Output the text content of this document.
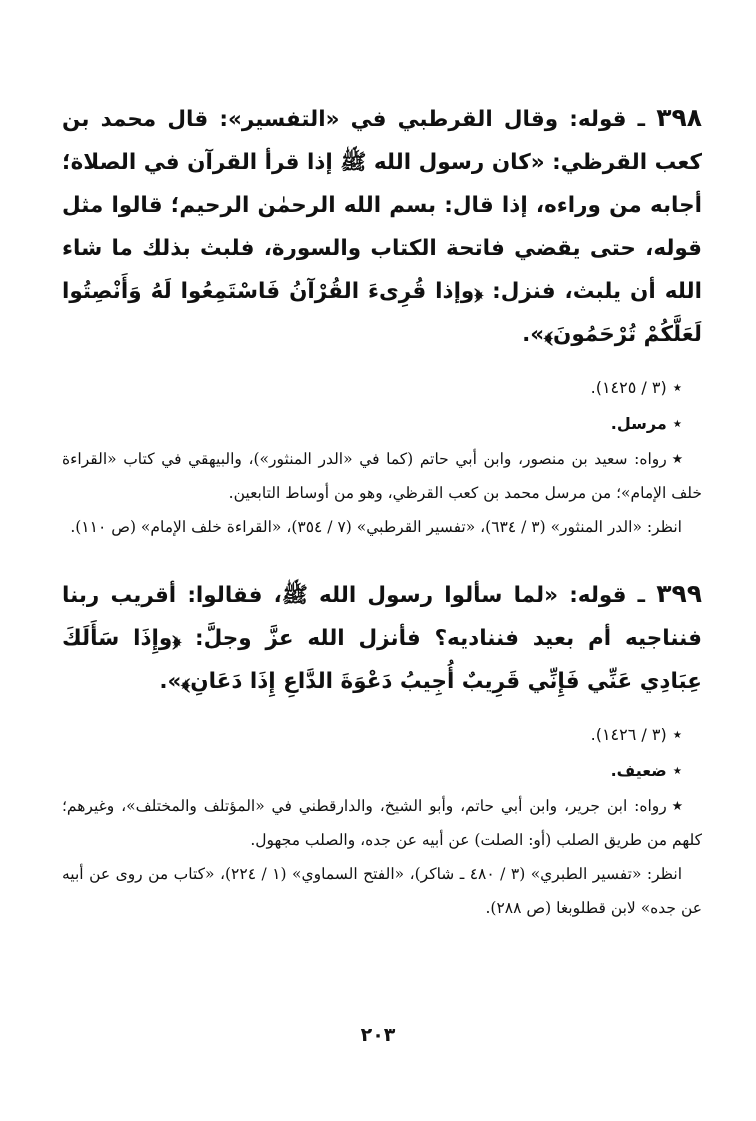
٣٩٨ ـ قوله: وقال القرطبي في «التفسير»: قال محمد بن كعب القرظي: «كان رسول الله ﷺ إذا قرأ القرآن في الصلاة؛ أجابه من وراءه، إذا قال: بسم الله الرحمٰن الرحيم؛ قالوا مثل قوله، حتى يقضي فاتحة الكتاب والسورة، فلبث بذلك ما شاء الله أن يلبث، فنزل: ﴿وإذا قُرِىءَ القُرْآنُ فَاسْتَمِعُوا لَهُ وَأَنْصِتُوا لَعَلَّكُمْ تُرْحَمُونَ﴾».

٭(٣ / ١٤٢٥).

٭مرسل.

٭رواه: سعيد بن منصور، وابن أبي حاتم (كما في «الدر المنثور»)، والبيهقي في كتاب «القراءة خلف الإمام»؛ من مرسل محمد بن كعب القرظي، وهو من أوساط التابعين.

انظر: «الدر المنثور» (٣ / ٦٣٤)، «تفسير القرطبي» (٧ / ٣٥٤)، «القراءة خلف الإمام» (ص ١١٠).

٣٩٩ ـ قوله: «لما سألوا رسول الله ﷺ، فقالوا: أقريب ربنا فنناجيه أم بعيد فنناديه؟ فأنزل الله عزَّ وجلَّ: ﴿وإِذَا سَأَلَكَ عِبَادِي عَنِّي فَإِنِّي قَرِيبٌ أُجِيبُ دَعْوَةَ الدَّاعِ إِذَا دَعَانِ﴾».

٭(٣ / ١٤٢٦).

٭ضعيف.

٭رواه: ابن جرير، وابن أبي حاتم، وأبو الشيخ، والدارقطني في «المؤتلف والمختلف»، وغيرهم؛ كلهم من طريق الصلب (أو: الصلت) عن أبيه عن جده، والصلب مجهول.

انظر: «تفسير الطبري» (٣ / ٤٨٠ ـ شاكر)، «الفتح السماوي» (١ / ٢٢٤)، «كتاب من روى عن أبيه عن جده» لابن قطلوبغا (ص ٢٨٨).

٢٠٣
